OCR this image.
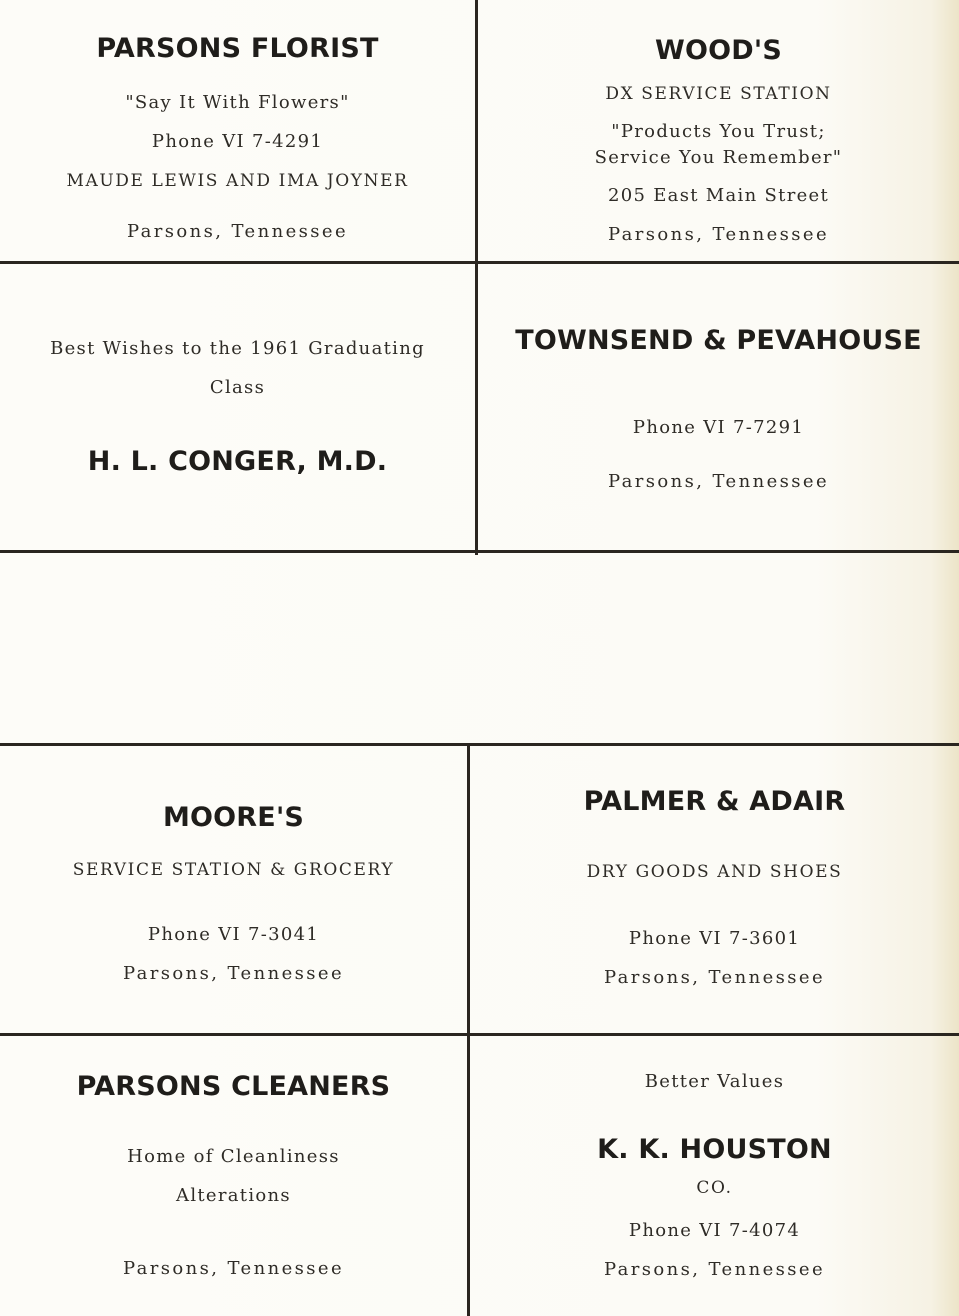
PARSONS FLORIST
"Say It With Flowers"
Phone VI 7-4291
MAUDE LEWIS AND IMA JOYNER
Parsons, Tennessee
WOOD'S
DX SERVICE STATION
"Products You Trust;
Service You Remember"
205 East Main Street
Parsons, Tennessee
Best Wishes to the 1961 Graduating
Class
H. L. CONGER, M.D.
TOWNSEND & PEVAHOUSE
Phone VI 7-7291
Parsons, Tennessee
MOORE'S
SERVICE STATION & GROCERY
Phone VI 7-3041
Parsons, Tennessee
PALMER & ADAIR
DRY GOODS AND SHOES
Phone VI 7-3601
Parsons, Tennessee
PARSONS CLEANERS
Home of Cleanliness
Alterations
Parsons, Tennessee
Better Values
K. K. HOUSTON
CO.
Phone VI 7-4074
Parsons, Tennessee
